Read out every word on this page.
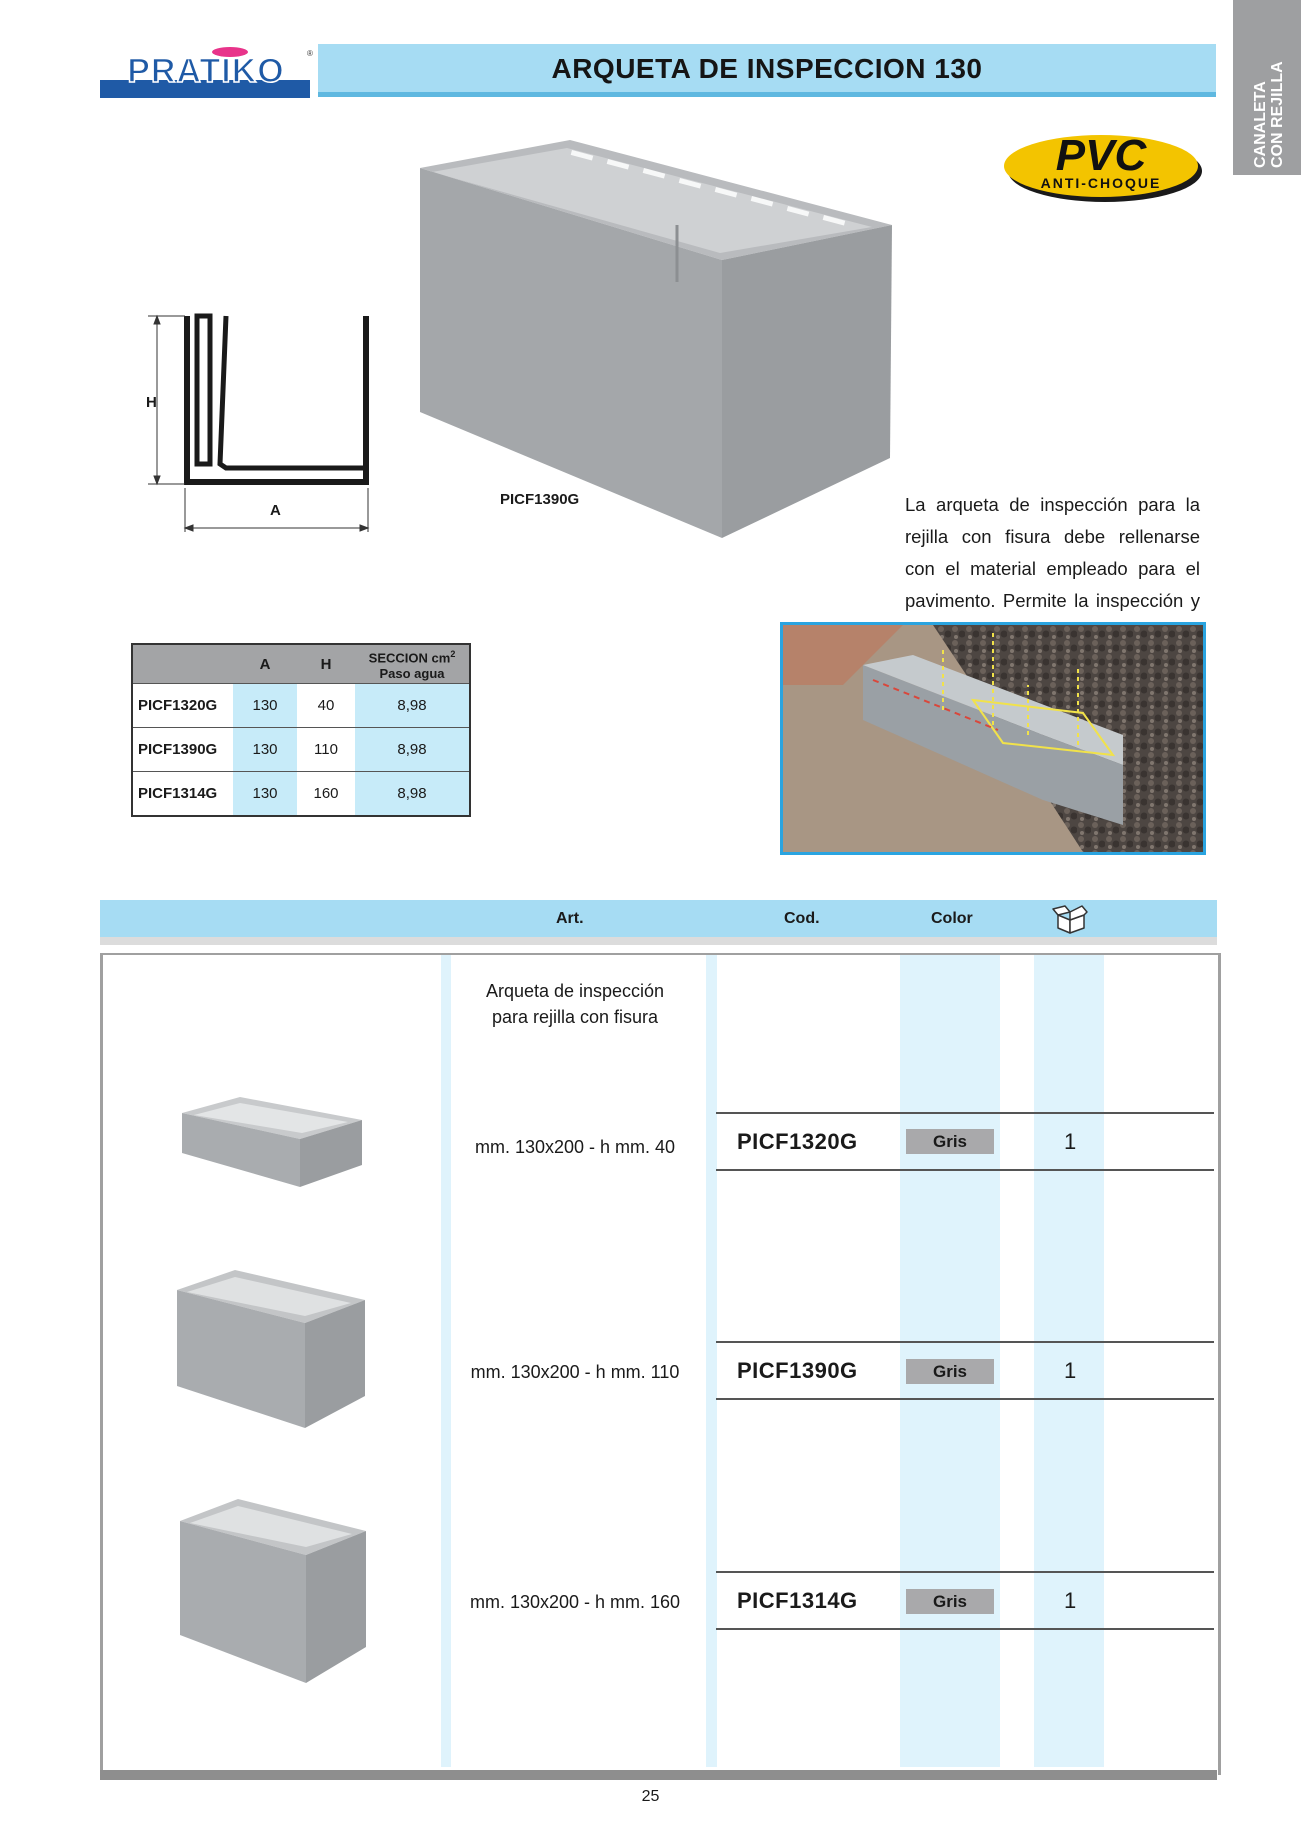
PRATIKO	®	ARQUETA DE INSPECCION 130
CANALETA
CON REJILLA
PVC
ANTI-CHOQUE
H
A
PICF1390G	La arqueta de inspección para la rejilla con fisura debe rellenarse con el material empleado para el pavimento. Permite la inspección y
	A	H	SECCION $cm^2$
Paso agua
PICF1320G	130	40	8,98
PICF1390G	130	110	8,98
PICF1314G	130	160	8,98
Art.	Cod.	Color
Arqueta de inspección
para rejilla con fisura
mm. 130x200 - h mm. 40	PICF1320G	Gris	1
mm. 130x200 - h mm. 110	PICF1390G	Gris	1
mm. 130x200 - h mm. 160	PICF1314G	Gris	1
25
